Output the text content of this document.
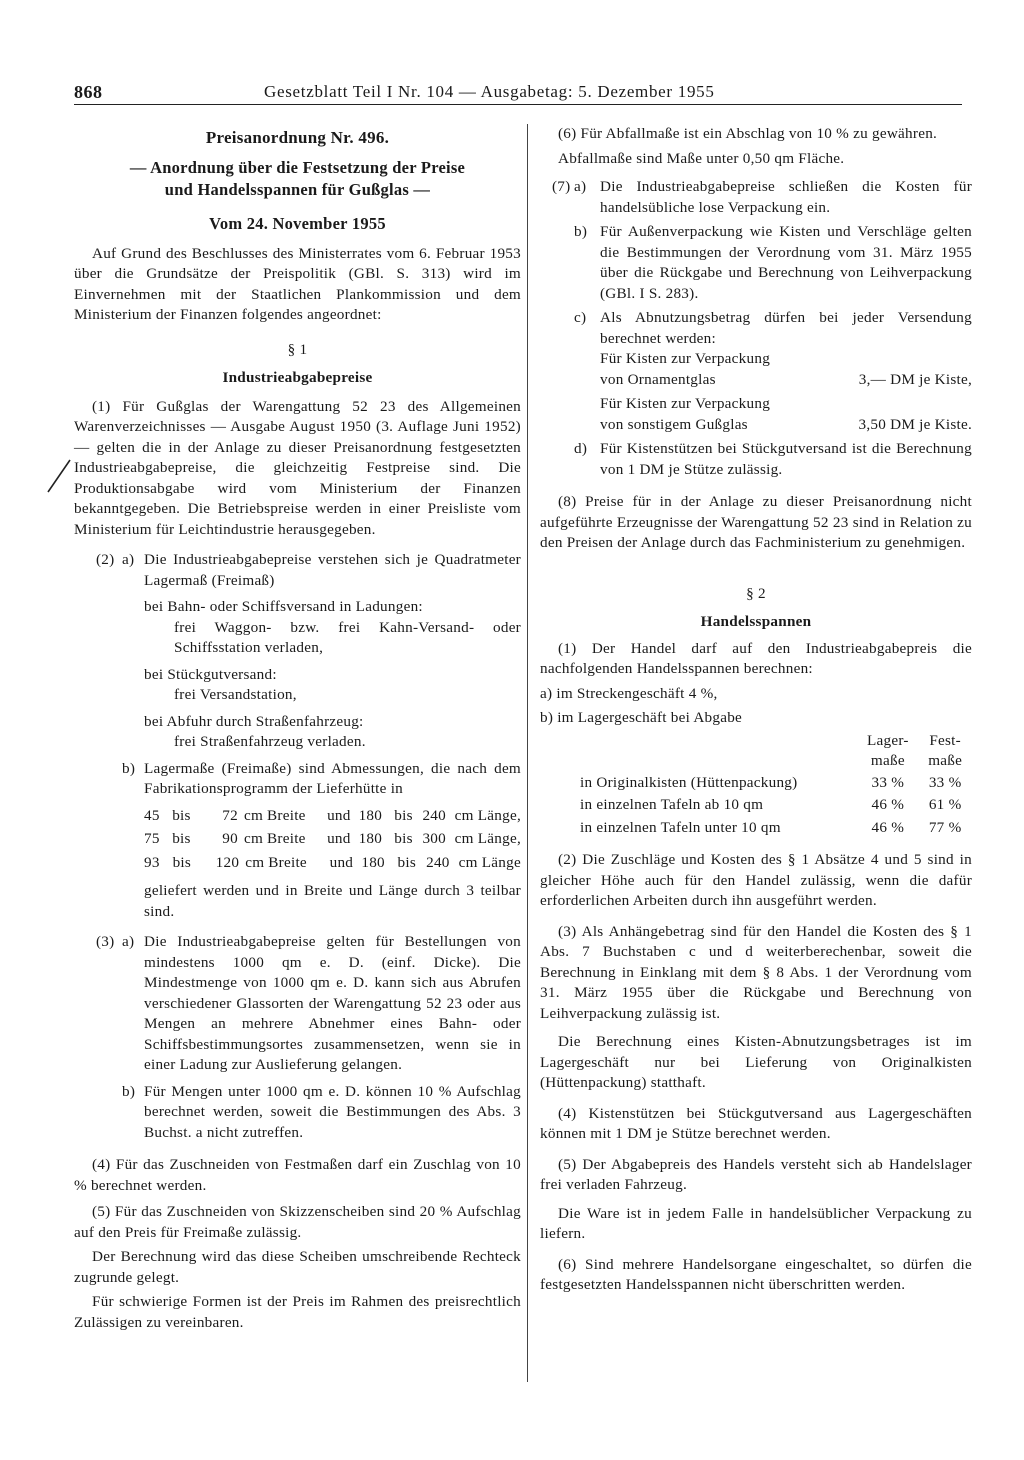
868	Gesetzblatt Teil I Nr. 104 — Ausgabetag: 5. Dezember 1955

Preisanordnung Nr. 496.

— Anordnung über die Festsetzung der Preise

und Handelsspannen für Gußglas —

Vom 24. November 1955

Auf Grund des Beschlusses des Ministerrates vom 6. Februar 1953 über die Grundsätze der Preispolitik (GBl. S. 313) wird im Einvernehmen mit der Staatlichen Plankommission und dem Ministerium der Finanzen folgendes angeordnet:

§ 1

Industrieabgabepreise

(1) Für Gußglas der Warengattung 52 23 des Allgemeinen Warenverzeichnisses — Ausgabe August 1950 (3. Auflage Juni 1952) — gelten die in der Anlage zu dieser Preisanordnung festgesetzten Industrieabgabepreise, die gleichzeitig Festpreise sind. Die Produktionsabgabe wird vom Ministerium der Finanzen bekanntgegeben. Die Betriebspreise werden in einer Preisliste vom Ministerium für Leichtindustrie herausgegeben.

(2) a) Die Industrieabgabepreise verstehen sich je Quadratmeter Lagermaß (Freimaß)

bei Bahn- oder Schiffsversand in Ladungen:

frei Waggon- bzw. frei Kahn-Versand- oder Schiffsstation verladen,

bei Stückgutversand:

frei Versandstation,

bei Abfuhr durch Straßenfahrzeug:

frei Straßenfahrzeug verladen.

b) Lagermaße (Freimaße) sind Abmessungen, die nach dem Fabrikationsprogramm der Lieferhütte in

45 bis	72 cm Breite	und 180 bis 240 cm Länge,
75 bis	90 cm Breite	und 180 bis 300 cm Länge,
93 bis	120 cm Breite	und 180 bis 240 cm Länge

geliefert werden und in Breite und Länge durch 3 teilbar sind.

(3) a) Die Industrieabgabepreise gelten für Bestellungen von mindestens 1000 qm e. D. (einf. Dicke). Die Mindestmenge von 1000 qm e. D. kann sich aus Abrufen verschiedener Glassorten der Warengattung 52 23 oder aus Mengen an mehrere Abnehmer eines Bahn- oder Schiffsbestimmungsortes zusammensetzen, wenn sie in einer Ladung zur Auslieferung gelangen.

b) Für Mengen unter 1000 qm e. D. können 10 % Aufschlag berechnet werden, soweit die Bestimmungen des Abs. 3 Buchst. a nicht zutreffen.

(4) Für das Zuschneiden von Festmaßen darf ein Zuschlag von 10 % berechnet werden.

(5) Für das Zuschneiden von Skizzenscheiben sind 20 % Aufschlag auf den Preis für Freimaße zulässig.

Der Berechnung wird das diese Scheiben umschreibende Rechteck zugrunde gelegt.

Für schwierige Formen ist der Preis im Rahmen des preisrechtlich Zulässigen zu vereinbaren.

(6) Für Abfallmaße ist ein Abschlag von 10 % zu gewähren.

Abfallmaße sind Maße unter 0,50 qm Fläche.

(7) a) Die Industrieabgabepreise schließen die Kosten für handelsübliche lose Verpackung ein.

b) Für Außenverpackung wie Kisten und Verschläge gelten die Bestimmungen der Verordnung vom 31. März 1955 über die Rückgabe und Berechnung von Leihverpackung (GBl. I S. 283).

c) Als Abnutzungsbetrag dürfen bei jeder Versendung berechnet werden:

Für Kisten zur Verpackung

von Ornamentglas	3,— DM je Kiste,

Für Kisten zur Verpackung

von sonstigem Gußglas	3,50 DM je Kiste.
d) Für Kistenstützen bei Stückgutversand ist die Berechnung von 1 DM je Stütze zulässig.

(8) Preise für in der Anlage zu dieser Preisanordnung nicht aufgeführte Erzeugnisse der Warengattung 52 23 sind in Relation zu den Preisen der Anlage durch das Fachministerium zu genehmigen.

§ 2

Handelsspannen

(1) Der Handel darf auf den Industrieabgabepreis die nachfolgenden Handelsspannen berechnen:

a) im Streckengeschäft 4 %,

b) im Lagergeschäft bei Abgabe

Lager-	Fest-
maße	maße
in Originalkisten (Hüttenpackung)	33 %	33 %
in einzelnen Tafeln ab 10 qm	46 %	61 %
in einzelnen Tafeln unter 10 qm	46 %	77 %

(2) Die Zuschläge und Kosten des § 1 Absätze 4 und 5 sind in gleicher Höhe auch für den Handel zulässig, wenn die dafür erforderlichen Arbeiten durch ihn ausgeführt werden.

(3) Als Anhängebetrag sind für den Handel die Kosten des § 1 Abs. 7 Buchstaben c und d weiterberechenbar, soweit die Berechnung in Einklang mit dem § 8 Abs. 1 der Verordnung vom 31. März 1955 über die Rückgabe und Berechnung von Leihverpackung zulässig ist.

Die Berechnung eines Kisten-Abnutzungsbetrages ist im Lagergeschäft nur bei Lieferung von Originalkisten (Hüttenpackung) statthaft.

(4) Kistenstützen bei Stückgutversand aus Lagergeschäften können mit 1 DM je Stütze berechnet werden.

(5) Der Abgabepreis des Handels versteht sich ab Handelslager frei verladen Fahrzeug.

Die Ware ist in jedem Falle in handelsüblicher Verpackung zu liefern.

(6) Sind mehrere Handelsorgane eingeschaltet, so dürfen die festgesetzten Handelsspannen nicht überschritten werden.
